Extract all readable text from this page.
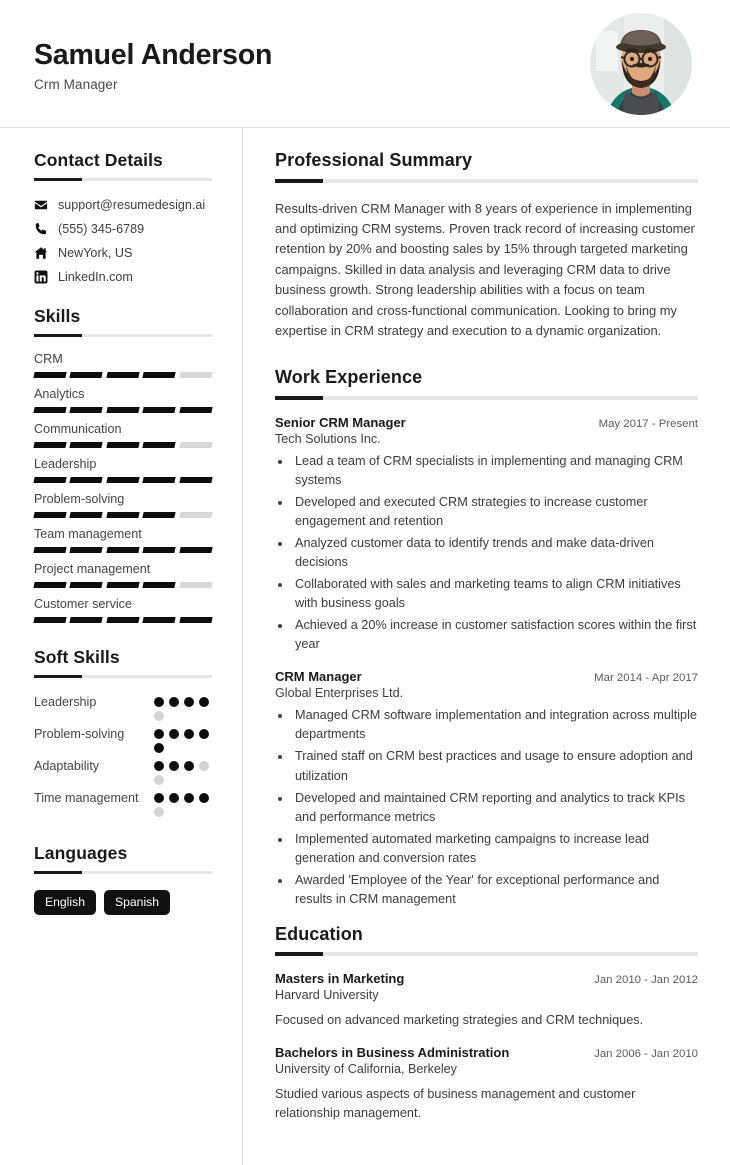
Samuel Anderson
Crm Manager
Contact Details
support@resumedesign.ai
(555) 345-6789
NewYork, US
LinkedIn.com
Skills
CRM
Analytics
Communication
Leadership
Problem-solving
Team management
Project management
Customer service
Soft Skills
Leadership
Problem-solving
Adaptability
Time management
Languages
English	Spanish
Professional Summary

Results-driven CRM Manager with 8 years of experience in implementing and optimizing CRM systems. Proven track record of increasing customer retention by 20% and boosting sales by 15% through targeted marketing campaigns. Skilled in data analysis and leveraging CRM data to drive business growth. Strong leadership abilities with a focus on team collaboration and cross-functional communication. Looking to bring my expertise in CRM strategy and execution to a dynamic organization.

Work Experience
Senior CRM Manager	May 2017 - Present
Tech Solutions Inc.
• Lead a team of CRM specialists in implementing and managing CRM systems
• Developed and executed CRM strategies to increase customer engagement and retention
• Analyzed customer data to identify trends and make data-driven decisions
• Collaborated with sales and marketing teams to align CRM initiatives with business goals
• Achieved a 20% increase in customer satisfaction scores within the first year
CRM Manager	Mar 2014 - Apr 2017
Global Enterprises Ltd.
• Managed CRM software implementation and integration across multiple departments
• Trained staff on CRM best practices and usage to ensure adoption and utilization
• Developed and maintained CRM reporting and analytics to track KPIs and performance metrics
• Implemented automated marketing campaigns to increase lead generation and conversion rates
• Awarded 'Employee of the Year' for exceptional performance and results in CRM management
Education
Masters in Marketing	Jan 2010 - Jan 2012
Harvard University
Focused on advanced marketing strategies and CRM techniques.
Bachelors in Business Administration	Jan 2006 - Jan 2010
University of California, Berkeley
Studied various aspects of business management and customer relationship management.
